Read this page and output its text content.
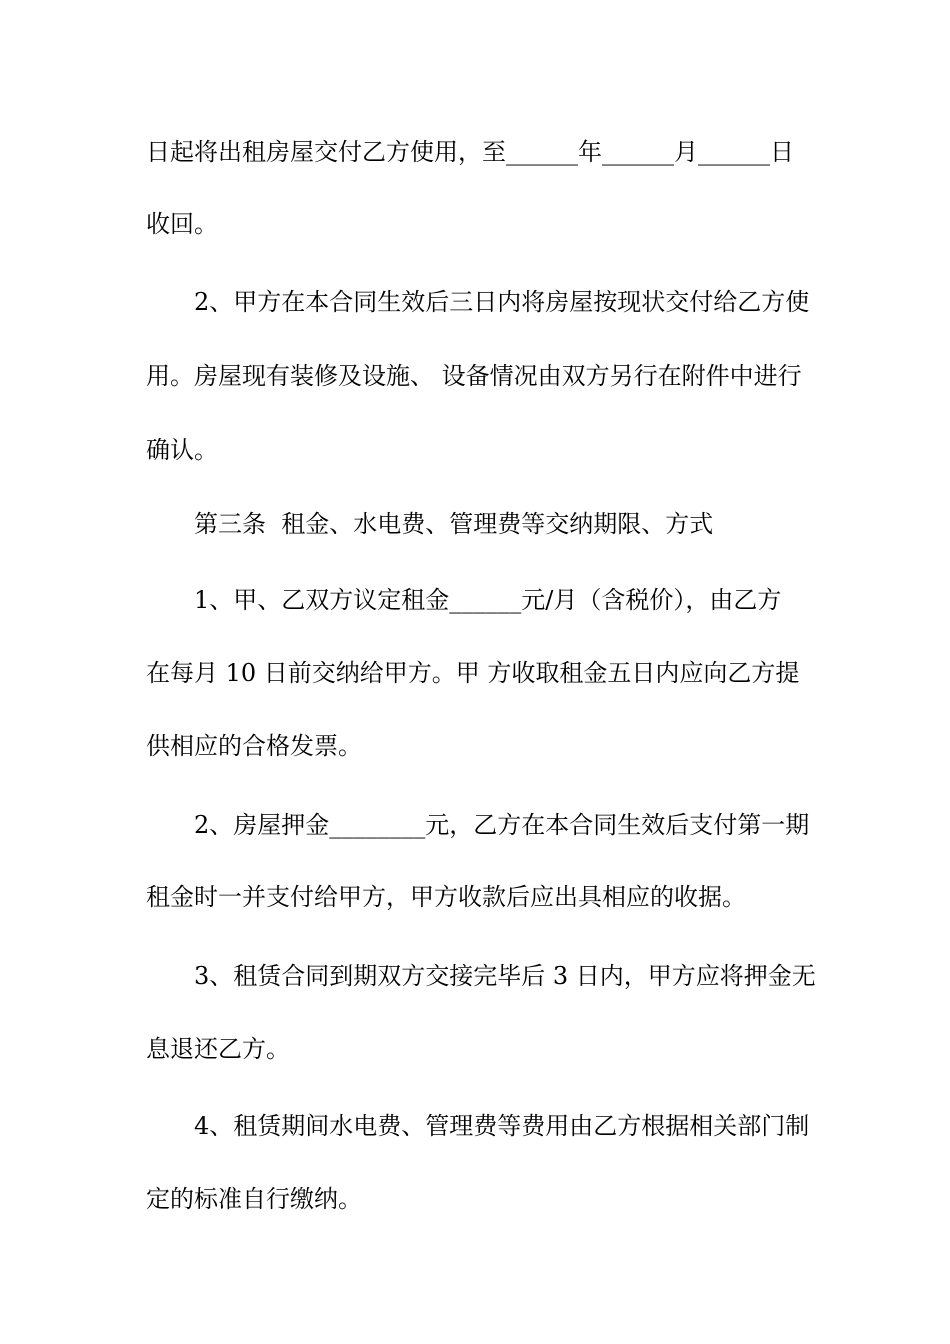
日起将出租房屋交付乙方使用，至______年______月______日
收回。
2、甲方在本合同生效后三日内将房屋按现状交付给乙方使
用。房屋现有装修及设施、 设备情况由双方另行在附件中进行
确认。
第三条  租金、水电费、管理费等交纳期限、方式
1、甲、乙双方议定租金______元/月（含税价），由乙方
在每月 10 日前交纳给甲方。甲 方收取租金五日内应向乙方提
供相应的合格发票。
2、房屋押金________元，乙方在本合同生效后支付第一期
租金时一并支付给甲方，甲方收款后应出具相应的收据。
3、租赁合同到期双方交接完毕后 3 日内，甲方应将押金无
息退还乙方。
4、租赁期间水电费、管理费等费用由乙方根据相关部门制
定的标准自行缴纳。
